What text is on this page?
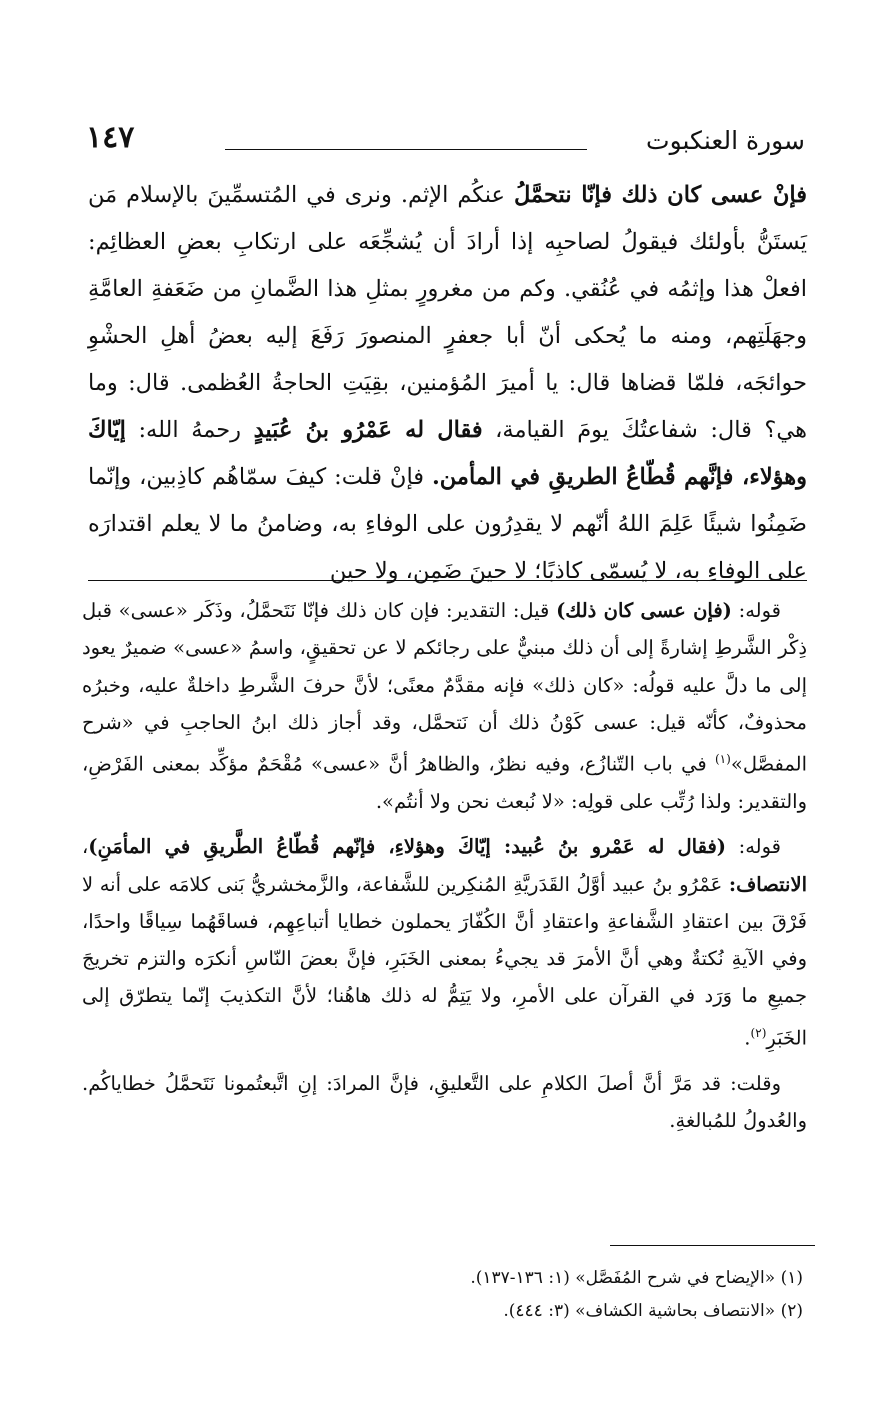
سورة العنكبوت
١٤٧

فإنْ عسى كان ذلك فإنّا نتحمَّلُ عنكُم الإثم. ونرى في المُتسمِّينَ بالإسلام مَن يَستَنُّ بأولئك فيقولُ لصاحبِه إذا أرادَ أن يُشجِّعَه على ارتكابِ بعضِ العظائِم: افعلْ هذا وإثمُه في عُنُقي. وكم من مغرورٍ بمثلِ هذا الضَّمانِ من ضَعَفةِ العامَّةِ وجهَلَتِهم، ومنه ما يُحكى أنّ أبا جعفرٍ المنصورَ رَفَعَ إليه بعضُ أهلِ الحشْوِ حوائجَه، فلمّا قضاها قال: يا أميرَ المُؤمنين، بقِيَتِ الحاجةُ العُظمى. قال: وما هي؟ قال: شفاعتُكَ يومَ القيامة، فقال له عَمْرُو بنُ عُبَيدٍ رحمهُ الله: إيّاكَ وهؤلاء، فإنَّهم قُطّاعُ الطريقِ في المأمن. فإنْ قلت: كيفَ سمّاهُم كاذِبين، وإنّما ضَمِنُوا شيئًا عَلِمَ اللهُ أنّهم لا يقدِرُون على الوفاءِ به، وضامنُ ما لا يعلم اقتدارَه على الوفاءِ به، لا يُسمّى كاذبًا؛ لا حينَ ضَمِن، ولا حين

قوله: (فإن عسى كان ذلك) قيل: التقدير: فإن كان ذلك فإنّا نَتَحمَّلُ، وذَكَر «عسى» قبل ذِكْر الشَّرطِ إشارةً إلى أن ذلك مبنيٌّ على رجائكم لا عن تحقيقٍ، واسمُ «عسى» ضميرٌ يعود إلى ما دلَّ عليه قولُه: «كان ذلك» فإنه مقدَّمٌ معنًى؛ لأنَّ حرفَ الشَّرطِ داخلةٌ عليه، وخبرُه محذوفٌ، كأنّه قيل: عسى كَوْنُ ذلك أن نَتحمَّل، وقد أجاز ذلك ابنُ الحاجبِ في «شرح المفصَّل»$^{(١)}$ في باب التّنازُع، وفيه نظرٌ، والظاهرُ أنَّ «عسى» مُقْحَمٌ مؤكِّد بمعنى الفَرْضِ، والتقدير: ولذا رُتِّب على قولِه: «لا نُبعث نحن ولا أنتُم».

قوله: (فقال له عَمْرو بنُ عُبيد: إيّاكَ وهؤلاءِ، فإنّهم قُطّاعُ الطَّريقِ في المأمَنِ)، الانتصاف: عَمْرُو بنُ عبيد أوَّلُ القَدَريَّةِ المُنكِرين للشَّفاعة، والزَّمخشريُّ بَنى كلامَه على أنه لا فَرْقَ بين اعتقادِ الشَّفاعةِ واعتقادِ أنَّ الكُفّارَ يحملون خطايا أتباعِهِم، فساقَهُما سِياقًا واحدًا، وفي الآيةِ نُكتةٌ وهي أنَّ الأمرَ قد يجيءُ بمعنى الخَبَرِ، فإنَّ بعضَ النّاسِ أنكرَه والتزم تخريجَ جميعِ ما وَرَد في القرآن على الأمرِ، ولا يَتِمُّ له ذلك هاهُنا؛ لأنَّ التكذيبَ إنّما يتطرّق إلى الخَبَرِ$^{(٢)}$.

وقلت: قد مَرَّ أنَّ أصلَ الكلامِ على التَّعليقِ، فإنَّ المرادَ: إنِ اتَّبعتُمونا نَتَحمَّلُ خطاياكُم. والعُدولُ للمُبالغةِ.

(١) «الإيضاح في شرح المُفَصَّل» (١: ١٣٦-١٣٧).
(٢) «الانتصاف بحاشية الكشاف» (٣: ٤٤٤).
